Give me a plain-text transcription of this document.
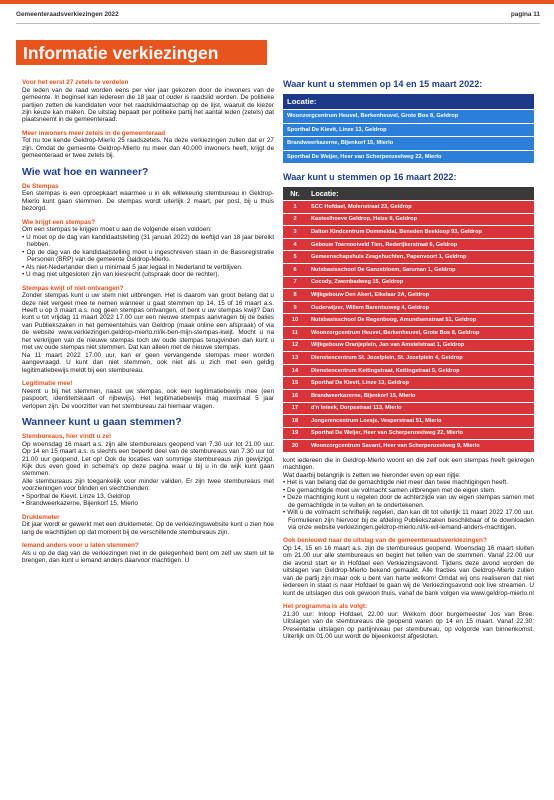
Gemeenteraadsverkiezingen 2022	pagina 11
Informatie verkiezingen
Voor het eerst 27 zetels te verdelen

De leden van de raad worden eens per vier jaar gekozen door de inwoners van de gemeente. In beginsel kan iedereen die 18 jaar of ouder is raadslid worden. De politieke partijen zetten de kandidaten voor het raadslidmaatschap op de lijst, waaruit de kiezer zijn keuze kan maken. De uitslag bepaalt per politieke partij het aantal leden (zetels) dat plaatsneemt in de gemeenteraad.

Meer inwoners meer zetels in de gemeenteraad

Tot nu toe kende Geldrop-Mierlo 25 raadszetels. Na deze verkiezingen zullen dat er 27 zijn. Omdat de gemeente Geldrop-Mierlo nu meer dan 40.000 inwoners heeft, krijgt de gemeenteraad er twee zetels bij.

Wie wat hoe en wanneer?
De Stempas

Een stempas is een oproepkaart waarmee u in elk willekeurig stembureau in Geldrop-Mierlo kunt gaan stemmen. De stempas wordt uiterlijk 2 maart, per post, bij u thuis bezorgd.

Wie krijgt een stempas?

Om een stempas te krijgen moet u aan de volgende eisen voldoen:

• U moet op de dag van kandidaatstelling (31 januari 2022) de leeftijd van 18 jaar bereikt hebben.
• Op de dag van de kandidaatstelling moet u ingeschreven staan in de Basisregistratie Personen (BRP) van de gemeente Geldrop-Mierlo.
• Als niet-Nederlander dien u minimaal 5 jaar legaal in Nederland te verblijven.
• U mag niet uitgesloten zijn van kiesrecht (uitspraak door de rechter).
Stempas kwijt of niet ontvangen?

Zonder stempas kunt u uw stem niet uitbrengen. Het is daarom van groot belang dat u deze niet vergeet mee te nemen wanneer u gaat stemmen op 14, 15 of 16 maart a.s. Heeft u op 3 maart a.s. nog geen stempas ontvangen, of bent u uw stempas kwijt? Dan kunt u tot vrijdag 11 maart 2022 17.00 uur een nieuwe stempas aanvragen bij de balies van Publiekszaken in het gemeentehuis van Geldrop (maak online een afspraak) of via de website www.verkiezingen.geldrop-mierlo.nl/ik-ben-mijn-stempas-kwijt. Mocht u na het verkrijgen van de nieuwe stempas toch uw oude stempas terugvinden dan kunt u met uw oude stempas niet stemmen. Dat kan alleen met de nieuwe stempas.

Na 11 maart 2022 17.00 uur, kan er geen vervangende stempas meer worden aangevraagd. U kunt dan niet stemmen, ook niet als u zich met een geldig legitimatiebewijs meldt bij een stembureau.

Legitimatie mee!

Neemt u bij het stemmen, naast uw stempas, ook een legitimatiebewijs mee (een paspoort, identiteitskaart of rijbewijs). Het legitimatiebewijs mag maximaal 5 jaar verlopen zijn. De voorzitter van het stembureau zal hiernaar vragen.

Wanneer kunt u gaan stemmen?
Stembureaus, hier vindt u ze!

Op woensdag 16 maart a.s. zijn alle stembureaus geopend van 7.30 uur tot 21.00 uur. Op 14 en 15 maart a.s. is slechts een beperkt deel van de stembureaus van 7.30 uur tot 21.00 uur geopend. Let op! Ook de locaties van sommige stembureaus zijn gewijzigd. Kijk dus even goed in schema's op deze pagina waar u bij u in de wijk kunt gaan stemmen.

Alle stembureaus zijn toegankelijk voor minder validen. Er zijn twee stembureaus met voorzieningen voor blinden en slechtzienden:

• Sporthal de Kievit, Linze 13, Geldrop
• Brandweerkazerne, Bijenkorf 15, Mierlo
Druktemeter

Dit jaar wordt er gewerkt met een druktemeter. Op de verkiezingswebsite kunt u zien hoe lang de wachttijden op dat moment bij de verschillende stembureaus zijn.

Iemand anders voor u laten stemmen?

Als u op de dag van de verkiezingen niet in de gelegenheid bent om zelf uw stem uit te brengen, dan kunt u iemand anders daarvoor machtigen. U

Waar kunt u stemmen op 14 en 15 maart 2022:
Locatie:
Woonzorgcentrum Heuvel, Berkenheuvel, Grote Bos 8, Geldrop
Sporthal De Kievit, Linze 13, Geldrop
Brandweerkazerne, Bijenkorf 15, Mierlo
Sporthal De Weijer, Heer van Scherpenzeelweg 22, Mierlo
Waar kunt u stemmen op 16 maart 2022:
Nr.	Locatie:
1	SCC Hofdael, Molenstraat 23, Geldrop
2	Kasteelhoeve Geldrop, Heize 8, Geldrop
3	Dalton Kindcentrum Dommeldal, Beneden Beekloop 93, Geldrop
4	Gebouw Toernooiveld Tien, Rederijkerstraat 6, Geldrop
5	Gemeenschapshuis Zesgehuchten, Papenvoort 1, Geldrop
6	Nutsbasisschool De Ganzebloem, Saruman 1, Geldrop
7	Cocody, Zwembadweg 15, Geldrop
8	Wijkgebouw Den Akert, Eikelaar 2A, Geldrop
9	Ouderwijzer, Willem Barentszweg 4, Geldrop
10	Nutsbasisschool De Regenboog, Amundsenstraat 51, Geldrop
11	Woonzorgcentrum Heuvel, Berkenheuvel, Grote Bos 8, Geldrop
12	Wijkgebouw Oranjeplein, Jan van Amstelstraat 1, Geldrop
13	Dienstencentrum St. Jozefplein, St. Jozefplein 4, Geldrop
14	Dienstencentrum Kettingstraat, Kettingstraat 5, Geldrop
15	Sporthal De Kievit, Linze 13, Geldrop
16	Brandweerkazerne, Bijenkorf 15, Mierlo
17	d'n Inteek, Dorpsstraat 113, Mierlo
18	Jongerencentrum Loesje, Vesperstraat 51, Mierlo
19	Sporthal De Weijer, Heer van Scherpenzeelweg 22, Mierlo
20	Woonzorgcentrum Savant, Heer van Scherpenzeelweg 9, Mierlo

kunt iedereen die in Geldrop-Mierlo woont en die zelf ook een stempas heeft gekregen machtigen.

Wat daarbij belangrijk is zetten we hieronder even op een rijtje:

• Het is van belang dat de gemachtigde niet meer dan twee machtigingen heeft.
• De gemachtigde moet uw volmacht samen uitbrengen met de eigen stem.
• Deze machtiging kunt u regelen door de achterzijde van uw eigen stempas samen met de gemachtigde in te vullen en te ondertekenen.
• Wilt u de volmacht schriftelijk regelen, dan kan dit tot uiterlijk 11 maart 2022 17.00 uur. Formulieren zijn hiervoor bij de afdeling Publiekszaken beschikbaar of te downloaden via onze website verkiezingen.geldrop-mierlo.nl/ik-wil-iemand-anders-machtigen.
Ook benieuwd naar de uitslag van de gemeenteraadsverkiezingen?

Op 14, 15 en 16 maart a.s. zijn de stembureaus geopend. Woensdag 16 maart sluiten om 21.00 uur alle stembureaus en begint het tellen van de stemmen. Vanaf 22.00 uur die avond start er in Hofdael een Verkiezingsavond. Tijdens deze avond worden de uitslagen van Geldrop-Mierlo bekend gemaakt. Alle fracties van Geldrop-Mierlo zullen van de partij zijn maar ook u bent van harte welkom! Omdat wij ons realiseren dat niet iedereen in staat is naar Hofdael te gaan wij de Verkiezingsavond ook live streamen. U kunt de uitslagen dus ook gewoon thuis, vanaf de bank volgen via www.geldrop-mierlo.nl

Het programma is als volgt:

21.30 uur: Inloop Hofdael, 22.00 uur: Welkom door burgemeester Jos van Bree. Uitslagen van de stembureaus die geopend waren op 14 en 15 maart. Vanaf 22.30: Presentatie uitslagen op partijniveau per stembureau, op volgorde van binnenkomst. Uiterlijk om 01.00 uur wordt de bijeenkomst afgesloten.
